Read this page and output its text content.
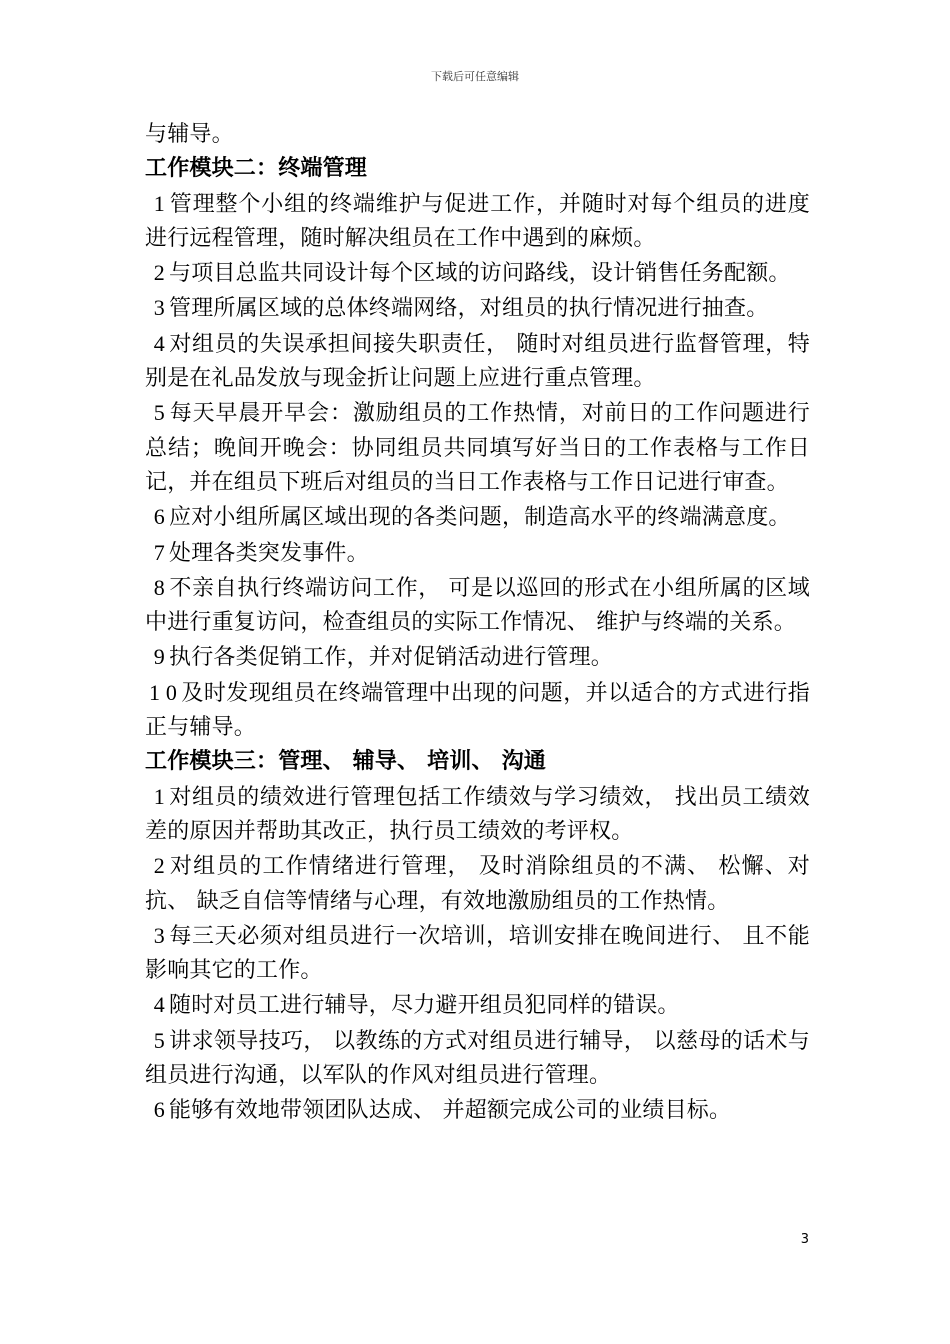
下载后可任意编辑

与辅导。

工作模块二：终端管理

1 管理整个小组的终端维护与促进工作，并随时对每个组员的进度进行远程管理，随时解决组员在工作中遇到的麻烦。

2 与项目总监共同设计每个区域的访问路线，设计销售任务配额。

3 管理所属区域的总体终端网络，对组员的执行情况进行抽查。

4 对组员的失误承担间接失职责任， 随时对组员进行监督管理，特别是在礼品发放与现金折让问题上应进行重点管理。

5 每天早晨开早会：激励组员的工作热情，对前日的工作问题进行总结；晚间开晚会：协同组员共同填写好当日的工作表格与工作日记，并在组员下班后对组员的当日工作表格与工作日记进行审查。

6 应对小组所属区域出现的各类问题，制造高水平的终端满意度。

7 处理各类突发事件。

8 不亲自执行终端访问工作， 可是以巡回的形式在小组所属的区域中进行重复访问，检查组员的实际工作情况、 维护与终端的关系。

9 执行各类促销工作，并对促销活动进行管理。

1 0 及时发现组员在终端管理中出现的问题，并以适合的方式进行指正与辅导。

工作模块三：管理、 辅导、 培训、 沟通

1 对组员的绩效进行管理包括工作绩效与学习绩效， 找出员工绩效差的原因并帮助其改正，执行员工绩效的考评权。

2 对组员的工作情绪进行管理， 及时消除组员的不满、 松懈、对抗、 缺乏自信等情绪与心理，有效地激励组员的工作热情。

3 每三天必须对组员进行一次培训，培训安排在晚间进行、 且不能影响其它的工作。

4 随时对员工进行辅导，尽力避开组员犯同样的错误。

5 讲求领导技巧， 以教练的方式对组员进行辅导， 以慈母的话术与组员进行沟通，以军队的作风对组员进行管理。

6 能够有效地带领团队达成、 并超额完成公司的业绩目标。

3
